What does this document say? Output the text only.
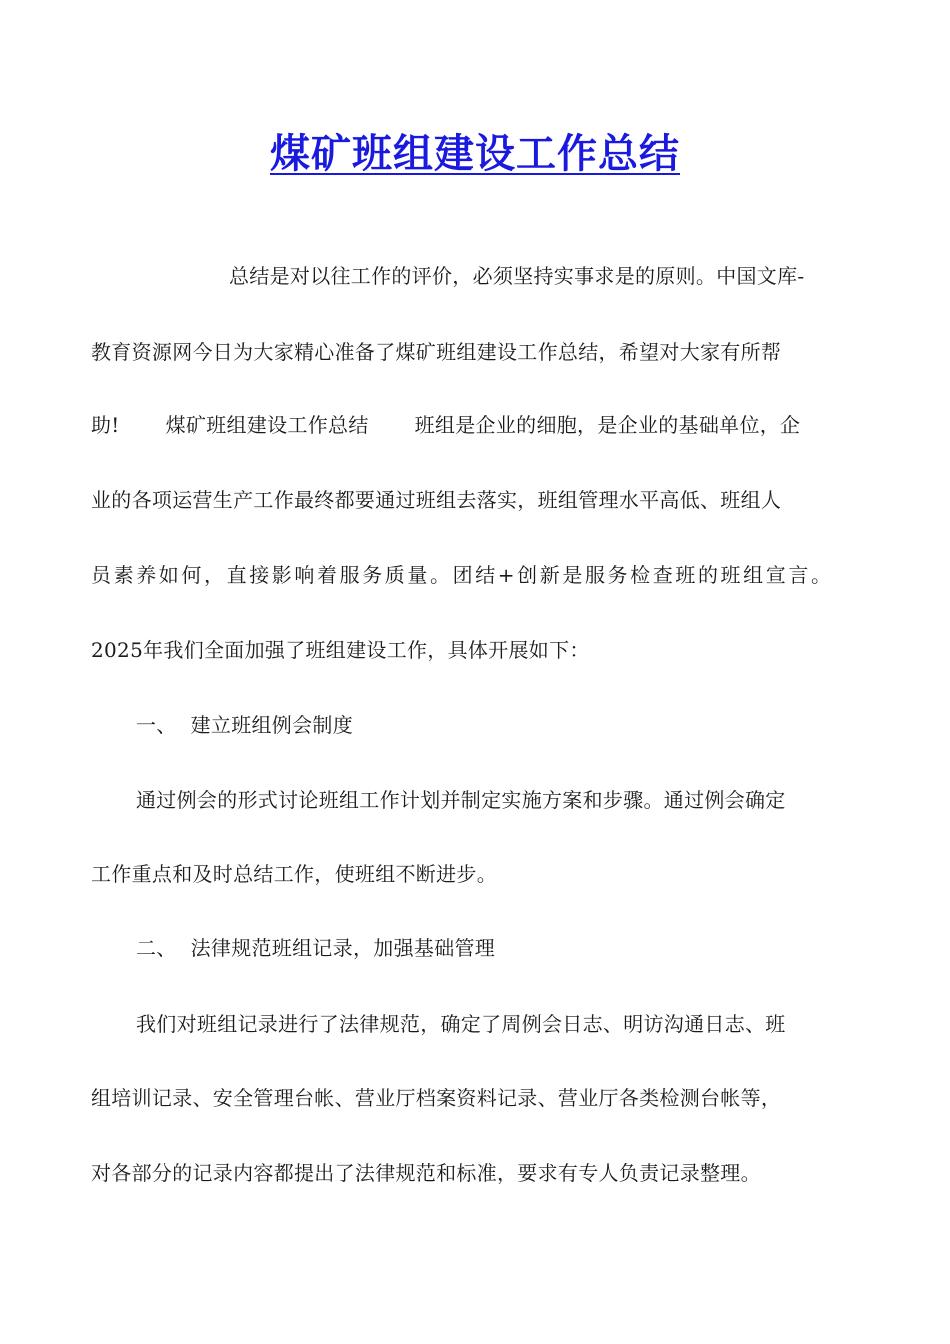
煤矿班组建设工作总结
总结是对以往工作的评价，必须坚持实事求是的原则。中国文库-
教育资源网今日为大家精心准备了煤矿班组建设工作总结，希望对大家有所帮
助! 煤矿班组建设工作总结 班组是企业的细胞，是企业的基础单位，企
业的各项运营生产工作最终都要通过班组去落实，班组管理水平高低、班组人
员素养如何，直接影响着服务质量。团结+创新是服务检查班的班组宣言。
2025年我们全面加强了班组建设工作，具体开展如下：
一、 建立班组例会制度
通过例会的形式讨论班组工作计划并制定实施方案和步骤。通过例会确定
工作重点和及时总结工作，使班组不断进步。
二、 法律规范班组记录，加强基础管理
我们对班组记录进行了法律规范，确定了周例会日志、明访沟通日志、班
组培训记录、安全管理台帐、营业厅档案资料记录、营业厅各类检测台帐等，
对各部分的记录内容都提出了法律规范和标准，要求有专人负责记录整理。
